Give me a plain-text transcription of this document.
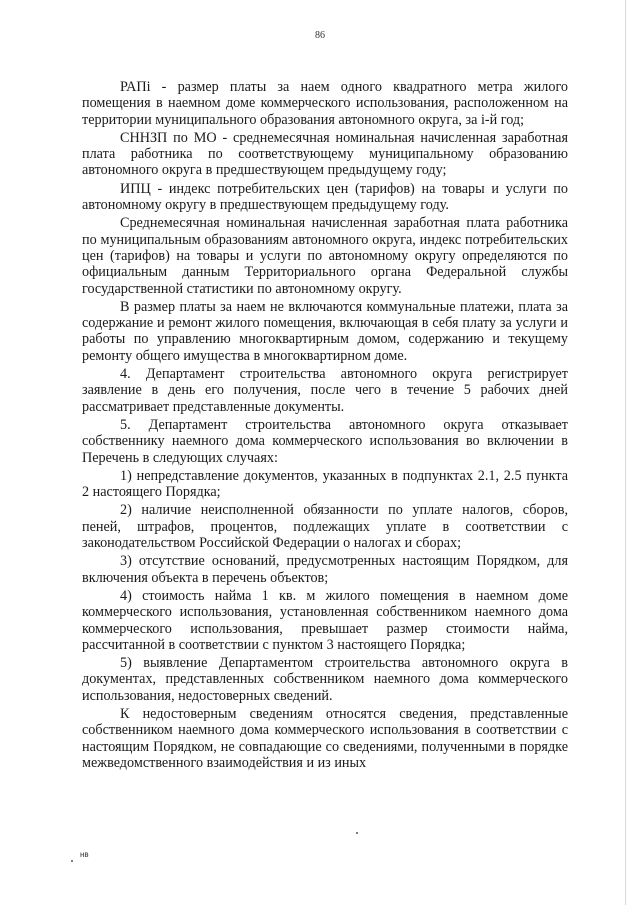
86

РАПi - размер платы за наем одного квадратного метра жилого помещения в наемном доме коммерческого использования, расположенном на территории муниципального образования автономного округа, за i-й год;

СННЗП по МО - среднемесячная номинальная начисленная заработная плата работника по соответствующему муниципальному образованию автономного округа в предшествующем предыдущему году;

ИПЦ - индекс потребительских цен (тарифов) на товары и услуги по автономному округу в предшествующем предыдущему году.

Среднемесячная номинальная начисленная заработная плата работника по муниципальным образованиям автономного округа, индекс потребительских цен (тарифов) на товары и услуги по автономному округу определяются по официальным данным Территориального органа Федеральной службы государственной статистики по автономному округу.

В размер платы за наем не включаются коммунальные платежи, плата за содержание и ремонт жилого помещения, включающая в себя плату за услуги и работы по управлению многоквартирным домом, содержанию и текущему ремонту общего имущества в многоквартирном доме.

4. Департамент строительства автономного округа регистрирует заявление в день его получения, после чего в течение 5 рабочих дней рассматривает представленные документы.

5. Департамент строительства автономного округа отказывает собственнику наемного дома коммерческого использования во включении в Перечень в следующих случаях:

1) непредставление документов, указанных в подпунктах 2.1, 2.5 пункта 2 настоящего Порядка;

2) наличие неисполненной обязанности по уплате налогов, сборов, пеней, штрафов, процентов, подлежащих уплате в соответствии с законодательством Российской Федерации о налогах и сборах;

3) отсутствие оснований, предусмотренных настоящим Порядком, для включения объекта в перечень объектов;

4) стоимость найма 1 кв. м жилого помещения в наемном доме коммерческого использования, установленная собственником наемного дома коммерческого использования, превышает размер стоимости найма, рассчитанной в соответствии с пунктом 3 настоящего Порядка;

5) выявление Департаментом строительства автономного округа в документах, представленных собственником наемного дома коммерческого использования, недостоверных сведений.

К недостоверным сведениям относятся сведения, представленные собственником наемного дома коммерческого использования в соответствии с настоящим Порядком, не совпадающие со сведениями, полученными в порядке межведомственного взаимодействия и из иных

нв
